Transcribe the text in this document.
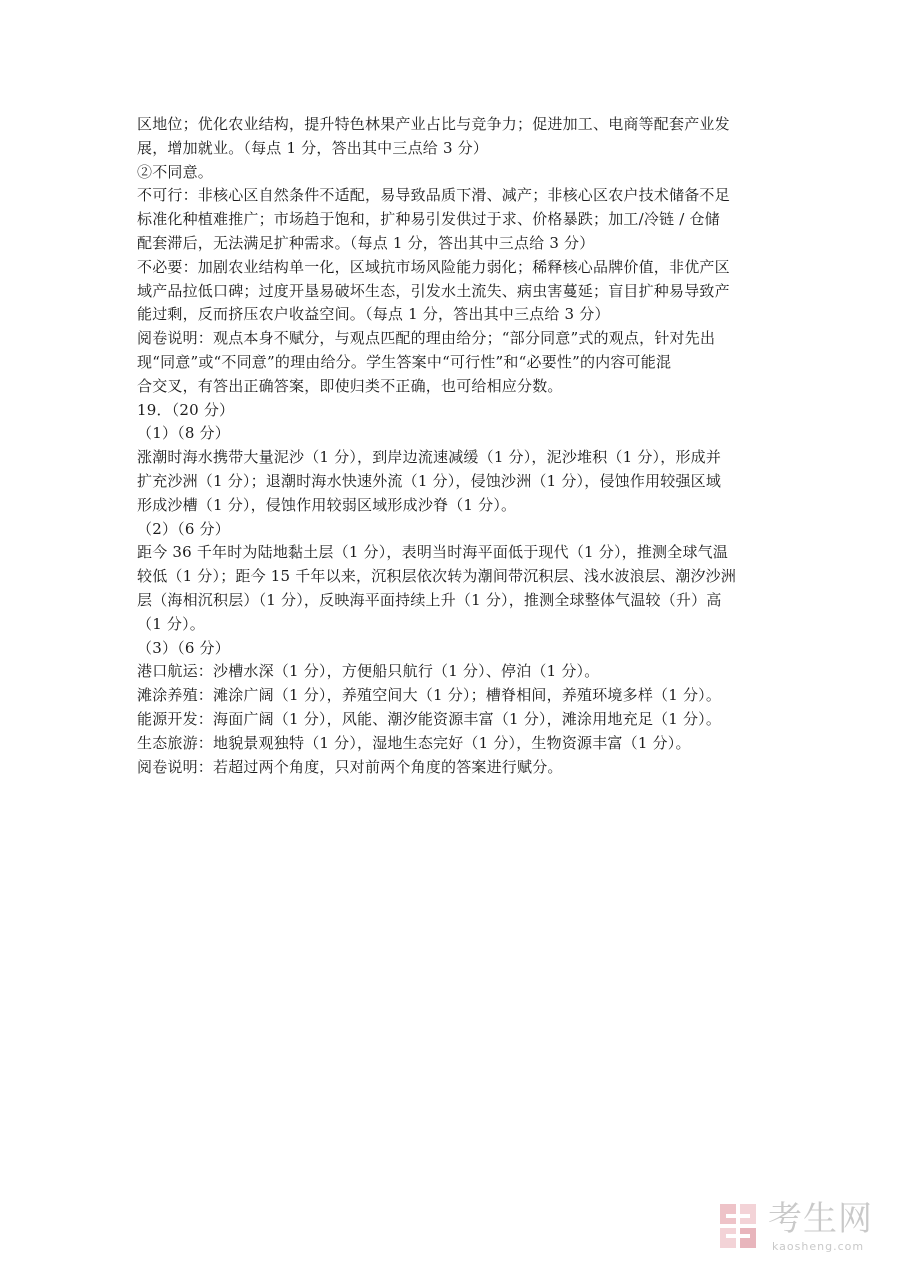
区地位；优化农业结构，提升特色林果产业占比与竞争力；促进加工、电商等配套产业发
展，增加就业。（每点 1 分，答出其中三点给 3 分）
②不同意。
不可行：非核心区自然条件不适配，易导致品质下滑、减产；非核心区农户技术储备不足
标准化种植难推广；市场趋于饱和，扩种易引发供过于求、价格暴跌；加工/冷链 / 仓储
配套滞后，无法满足扩种需求。（每点 1 分，答出其中三点给 3 分）
不必要：加剧农业结构单一化，区域抗市场风险能力弱化；稀释核心品牌价值，非优产区
域产品拉低口碑；过度开垦易破坏生态，引发水土流失、病虫害蔓延；盲目扩种易导致产
能过剩，反而挤压农户收益空间。（每点 1 分，答出其中三点给 3 分）
阅卷说明：观点本身不赋分，与观点匹配的理由给分；“部分同意”式的观点，针对先出
现“同意”或“不同意”的理由给分。学生答案中“可行性”和“必要性”的内容可能混
合交叉，有答出正确答案，即使归类不正确，也可给相应分数。
19．（20 分）
（1）（8 分）
涨潮时海水携带大量泥沙（1 分），到岸边流速减缓（1 分），泥沙堆积（1 分），形成并
扩充沙洲（1 分）；退潮时海水快速外流（1 分），侵蚀沙洲（1 分），侵蚀作用较强区域
形成沙槽（1 分），侵蚀作用较弱区域形成沙脊（1 分）。
（2）（6 分）
距今 36 千年时为陆地黏土层（1 分），表明当时海平面低于现代（1 分），推测全球气温
较低（1 分）；距今 15 千年以来，沉积层依次转为潮间带沉积层、浅水波浪层、潮汐沙洲
层（海相沉积层）（1 分），反映海平面持续上升（1 分），推测全球整体气温较（升）高
（1 分）。
（3）（6 分）
港口航运：沙槽水深（1 分），方便船只航行（1 分）、停泊（1 分）。
滩涂养殖：滩涂广阔（1 分），养殖空间大（1 分）；槽脊相间，养殖环境多样（1 分）。
能源开发：海面广阔（1 分），风能、潮汐能资源丰富（1 分），滩涂用地充足（1 分）。
生态旅游：地貌景观独特（1 分），湿地生态完好（1 分），生物资源丰富（1 分）。
阅卷说明：若超过两个角度，只对前两个角度的答案进行赋分。
考生网
kaosheng.com
